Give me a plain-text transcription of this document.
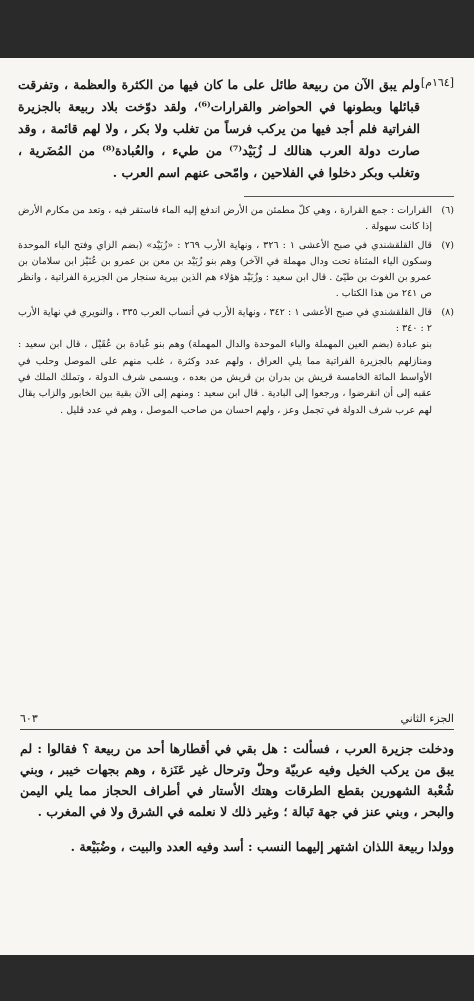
[١٦٤م]

ولم يبق الآن من ربيعة طائل على ما كان فيها من الكثرة والعظمة ، وتفرقت قبائلها وبطونها في الحواضر والقرارات⁽⁶⁾، ولقد دوّخت بلاد ربيعة بالجزيرة الفراتية فلم أجد فيها من يركب فرساً من تغلب ولا بكر ، ولا لهم قائمة ، وقد صارت دولة العرب هنالك لـ زُبَيْد⁽⁷⁾ من طيء ، والعُبادة⁽⁸⁾ من المُضَرية ، وتغلب وبكر دخلوا في الفلاحين ، وامّحى عنهم اسم العرب .

(٦)

القرارات : جمع القرارة ، وهي كلّ مطمئن من الأرض اندفع إليه الماء فاستقر فيه ، وتعد من مكارم الأرض إذا كانت سهولة .

(٧)

قال القلقشندي في صبح الأعشى ١ : ٣٢٦ ، ونهاية الأرب ٢٦٩ : «زُبَيْد» (بضم الزاي وفتح الباء الموحدة وسكون الياء المثناة تحت ودال مهملة في الآخر) وهم بنو زُبَيْد بن معن بن عمرو بن عُنَيْز ابن سلامان بن عمرو بن الغوث بن طيّئ . قال ابن سعيد : وزُبَيْد هؤلاء هم الذين بيرية سنجار من الجزيرة الفراتية ، وانظر ص ٢٤١ من هذا الكتاب .

(٨)

قال القلقشندي في صبح الأعشى ١ : ٣٤٢ ، ونهاية الأرب في أنساب العرب ٣٣٥ ، والنويري في نهاية الأرب ٢ : ٣٤٠ :

بنو عبادة (بضم العين المهملة والباء الموحدة والدال المهملة) وهم بنو عُبادة بن عُقَيْل ، قال ابن سعيد : ومنازلهم بالجزيرة الفراتية مما يلي العراق ، ولهم عدد وكثرة ، غلب منهم على الموصل وحلب في الأواسط المائة الخامسة قريش بن بدران بن قريش من بعده ، ويسمى شرف الدولة ، وتملك الملك في عقبه إلى أن انقرضوا ، ورجعوا إلى البادية . قال ابن سعيد : ومنهم إلى الآن بقية بين الخابور والزاب يقال لهم عرب شرف الدولة في تجمل وعز ، ولهم احسان من صاحب الموصل ، وهم في عدد قليل .

٦٠٣	الجزء الثاني

ودخلت جزيرة العرب ، فسألت : هل بقي في أقطارها أحد من ربيعة ؟ فقالوا : لم يبق من يركب الخيل وفيه عربيّة وحلّ وترحال غير عَنَزة ، وهم بجهات خيبر ، وبني شُعْبة الشهورين بقطع الطرقات وهتك الأستار في أطراف الحجاز مما يلي اليمن والبحر ، وبني عنز في جهة تَبالة ؛ وغير ذلك لا نعلمه في الشرق ولا في المغرب .

وولدا ربيعة اللذان اشتهر إليهما النسب : أسد وفيه العدد والبيت ، وضُبَيْعة .
